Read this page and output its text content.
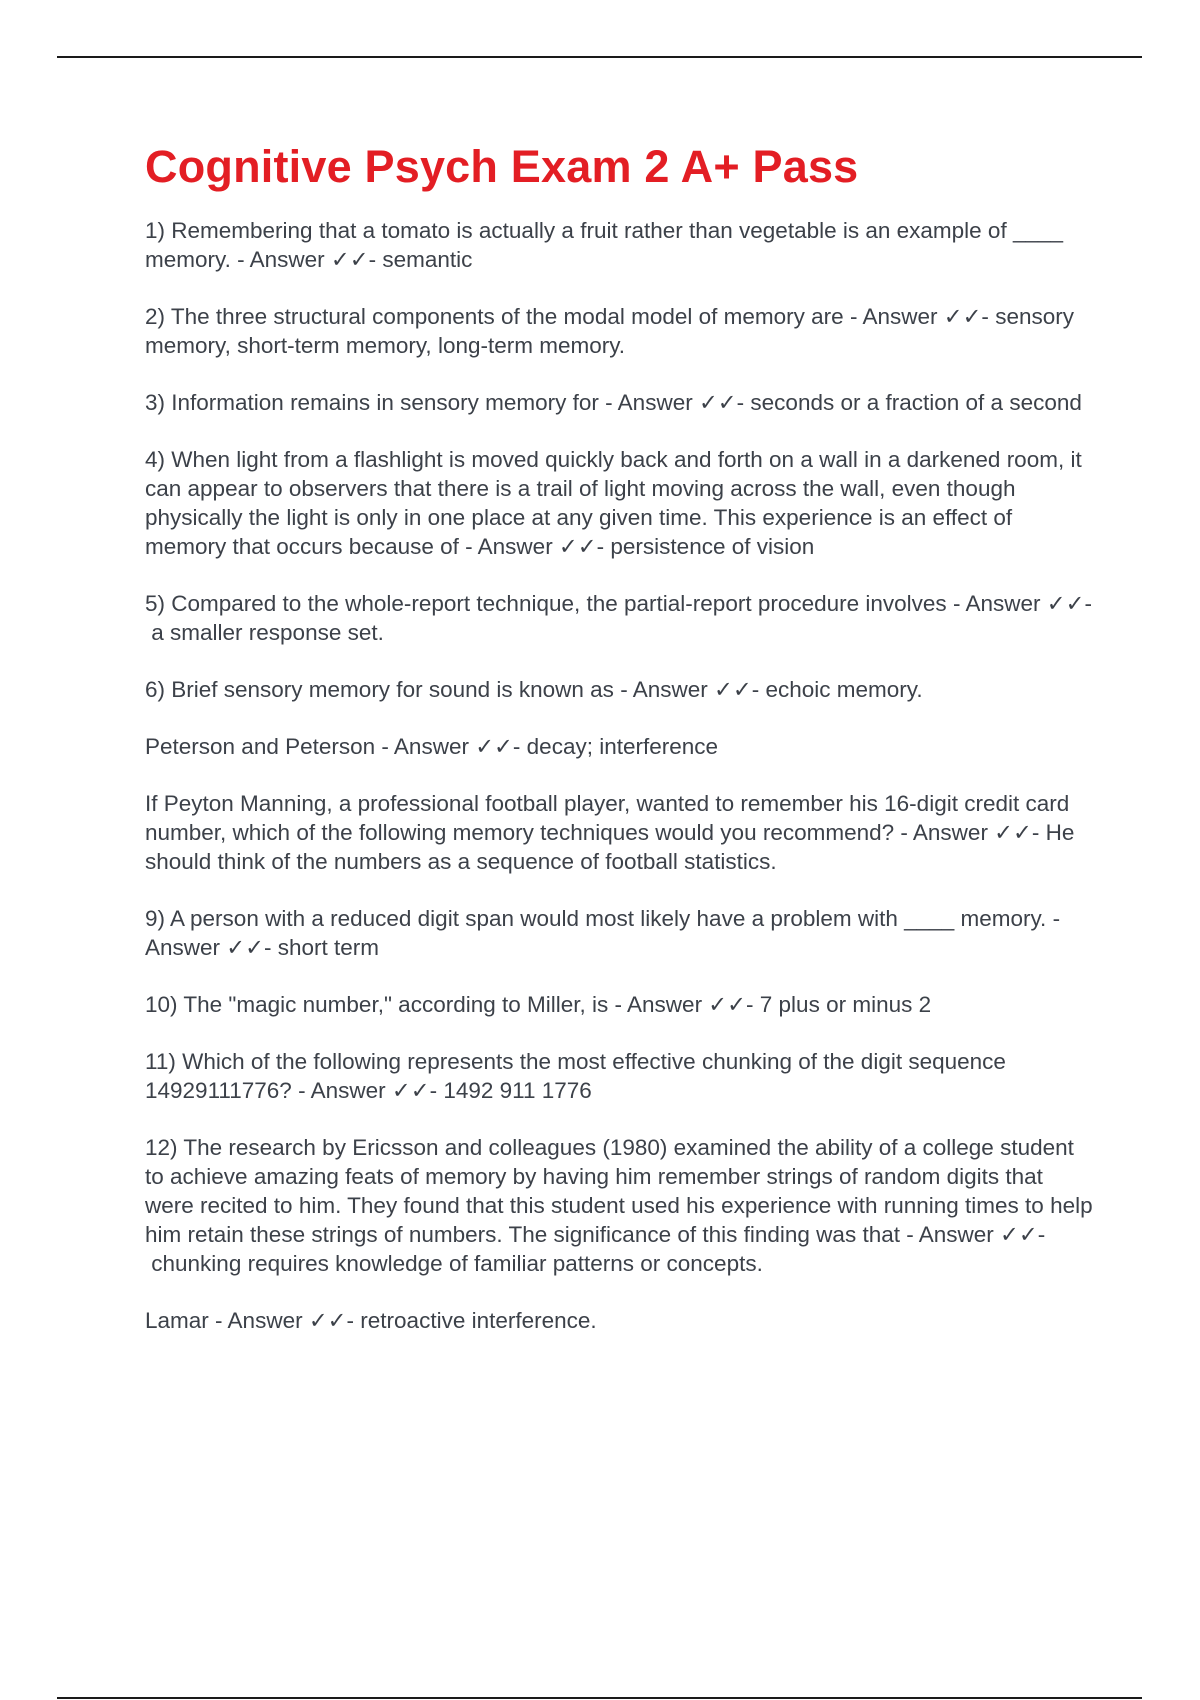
Cognitive Psych Exam 2 A+ Pass
1) Remembering that a tomato is actually a fruit rather than vegetable is an example of ____ memory. - Answer ✓✓- semantic
2) The three structural components of the modal model of memory are - Answer ✓✓- sensory memory, short-term memory, long-term memory.
3) Information remains in sensory memory for - Answer ✓✓- seconds or a fraction of a second
4) When light from a flashlight is moved quickly back and forth on a wall in a darkened room, it can appear to observers that there is a trail of light moving across the wall, even though physically the light is only in one place at any given time. This experience is an effect of memory that occurs because of - Answer ✓✓- persistence of vision
5) Compared to the whole-report technique, the partial-report procedure involves - Answer ✓✓- a smaller response set.
6) Brief sensory memory for sound is known as - Answer ✓✓- echoic memory.
Peterson and Peterson - Answer ✓✓- decay; interference
If Peyton Manning, a professional football player, wanted to remember his 16-digit credit card number, which of the following memory techniques would you recommend? - Answer ✓✓- He should think of the numbers as a sequence of football statistics.
9) A person with a reduced digit span would most likely have a problem with ____ memory. - Answer ✓✓- short term
10) The "magic number," according to Miller, is - Answer ✓✓- 7 plus or minus 2
11) Which of the following represents the most effective chunking of the digit sequence 14929111776? - Answer ✓✓- 1492 911 1776
12) The research by Ericsson and colleagues (1980) examined the ability of a college student to achieve amazing feats of memory by having him remember strings of random digits that were recited to him. They found that this student used his experience with running times to help him retain these strings of numbers. The significance of this finding was that - Answer ✓✓- chunking requires knowledge of familiar patterns or concepts.
Lamar - Answer ✓✓- retroactive interference.
